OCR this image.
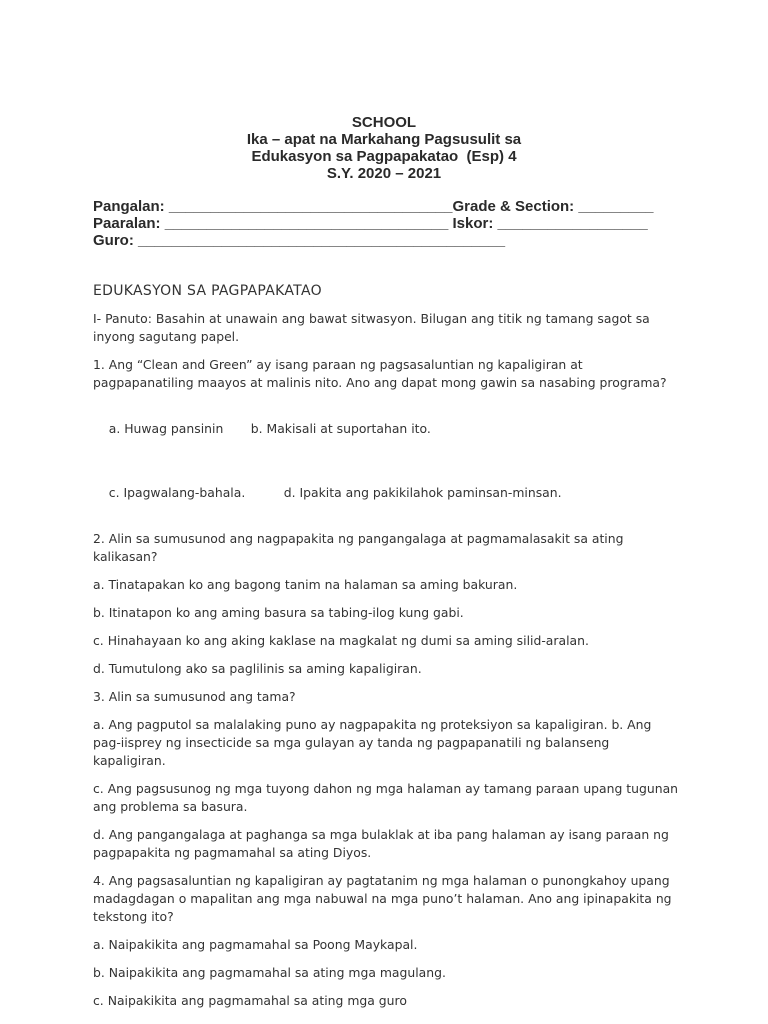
SCHOOL
Ika – apat na Markahang Pagsusulit sa
Edukasyon sa Pagpapakatao  (Esp) 4
S.Y. 2020 – 2021
Pangalan: __________________________________Grade & Section: _________
Paaralan: __________________________________ Iskor: __________________
Guro: ____________________________________________

EDUKASYON SA PAGPAPAKATAO

I- Panuto: Basahin at unawain ang bawat sitwasyon. Bilugan ang titik ng tamang sagot sa inyong sagutang papel.

1. Ang “Clean and Green” ay isang paraan ng pagsasaluntian ng kapaligiran at pagpapanatiling maayos at malinis nito. Ano ang dapat mong gawin sa nasabing programa?

a. Huwag pansinin b. Makisali at suportahan ito.

c. Ipagwalang-bahala.	d. Ipakita ang pakikilahok paminsan-minsan.

2. Alin sa sumusunod ang nagpapakita ng pangangalaga at pagmamalasakit sa ating kalikasan?

a. Tinatapakan ko ang bagong tanim na halaman sa aming bakuran.

b. Itinatapon ko ang aming basura sa tabing-ilog kung gabi.

c. Hinahayaan ko ang aking kaklase na magkalat ng dumi sa aming silid-aralan.

d. Tumutulong ako sa paglilinis sa aming kapaligiran.

3. Alin sa sumusunod ang tama?

a. Ang pagputol sa malalaking puno ay nagpapakita ng proteksiyon sa kapaligiran. b. Ang pag-iisprey ng insecticide sa mga gulayan ay tanda ng pagpapanatili ng balanseng kapaligiran.

c. Ang pagsusunog ng mga tuyong dahon ng mga halaman ay tamang paraan upang tugunan ang problema sa basura.

d. Ang pangangalaga at paghanga sa mga bulaklak at iba pang halaman ay isang paraan ng pagpapakita ng pagmamahal sa ating Diyos.

4. Ang pagsasaluntian ng kapaligiran ay pagtatanim ng mga halaman o punongkahoy upang madagdagan o mapalitan ang mga nabuwal na mga puno’t halaman. Ano ang ipinapakita ng tekstong ito?

a. Naipakikita ang pagmamahal sa Poong Maykapal.

b. Naipakikita ang pagmamahal sa ating mga magulang.

c. Naipakikita ang pagmamahal sa ating mga guro
